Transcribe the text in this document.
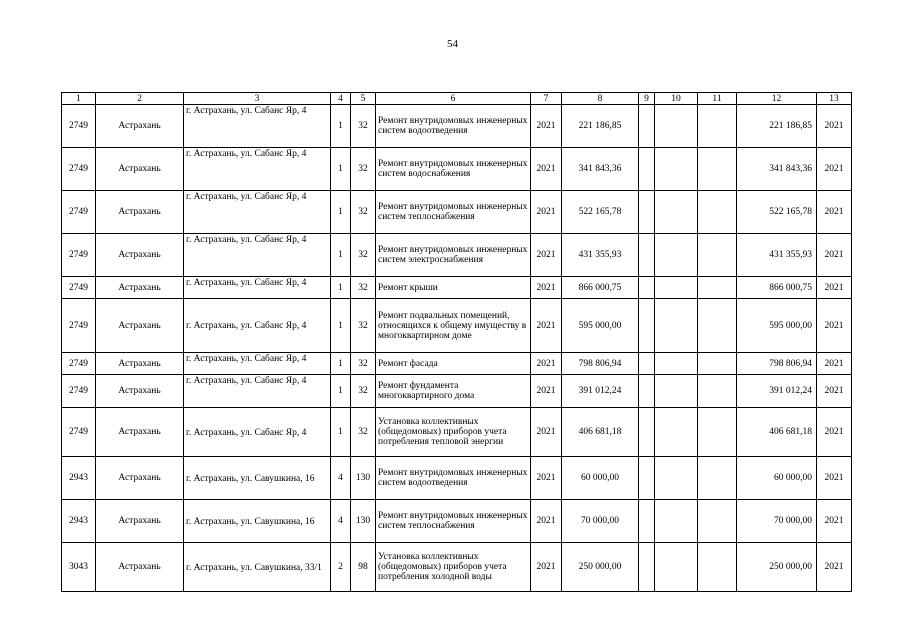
54
1	2	3	4	5	6	7	8	9	10	11	12	13
2749	Астрахань	г. Астрахань, ул. Сабанс Яр, 4	1	32	Ремонт внутридомовых инженерных систем водоотведения	2021	221 186,85				221 186,85	2021
2749	Астрахань	г. Астрахань, ул. Сабанс Яр, 4	1	32	Ремонт внутридомовых инженерных систем водоснабжения	2021	341 843,36				341 843,36	2021
2749	Астрахань	г. Астрахань, ул. Сабанс Яр, 4	1	32	Ремонт внутридомовых инженерных систем теплоснабжения	2021	522 165,78				522 165,78	2021
2749	Астрахань	г. Астрахань, ул. Сабанс Яр, 4	1	32	Ремонт внутридомовых инженерных систем электроснабжения	2021	431 355,93				431 355,93	2021
2749	Астрахань	г. Астрахань, ул. Сабанс Яр, 4	1	32	Ремонт крыши	2021	866 000,75				866 000,75	2021
2749	Астрахань	г. Астрахань, ул. Сабанс Яр, 4	1	32	Ремонт подвальных помещений, относящихся к общему имуществу в многоквартирном доме	2021	595 000,00				595 000,00	2021
2749	Астрахань	г. Астрахань, ул. Сабанс Яр, 4	1	32	Ремонт фасада	2021	798 806,94				798 806,94	2021
2749	Астрахань	г. Астрахань, ул. Сабанс Яр, 4	1	32	Ремонт фундамента многоквартирного дома	2021	391 012,24				391 012,24	2021
2749	Астрахань	г. Астрахань, ул. Сабанс Яр, 4	1	32	Установка коллективных (общедомовых) приборов учета потребления тепловой энергии	2021	406 681,18				406 681,18	2021
2943	Астрахань	г. Астрахань, ул. Савушкина, 16	4	130	Ремонт внутридомовых инженерных систем водоотведения	2021	60 000,00				60 000,00	2021
2943	Астрахань	г. Астрахань, ул. Савушкина, 16	4	130	Ремонт внутридомовых инженерных систем теплоснабжения	2021	70 000,00				70 000,00	2021
3043	Астрахань	г. Астрахань, ул. Савушкина, 33/1	2	98	Установка коллективных (общедомовых) приборов учета потребления холодной воды	2021	250 000,00				250 000,00	2021
